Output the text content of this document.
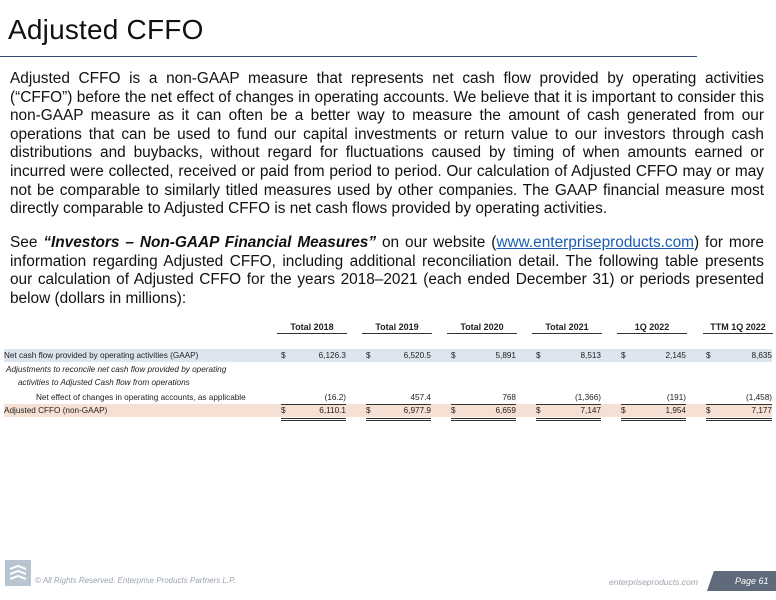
Adjusted CFFO
Adjusted CFFO is a non-GAAP measure that represents net cash flow provided by operating activities (“CFFO”) before the net effect of changes in operating accounts. We believe that it is important to consider this non-GAAP measure as it can often be a better way to measure the amount of cash generated from our operations that can be used to fund our capital investments or return value to our investors through cash distributions and buybacks, without regard for fluctuations caused by timing of when amounts earned or incurred were collected, received or paid from period to period. Our calculation of Adjusted CFFO may or may not be comparable to similarly titled measures used by other companies. The GAAP financial measure most directly comparable to Adjusted CFFO is net cash flows provided by operating activities.
See “Investors – Non-GAAP Financial Measures” on our website (www.enterpriseproducts.com) for more information regarding Adjusted CFFO, including additional reconciliation detail. The following table presents our calculation of Adjusted CFFO for the years 2018–2021 (each ended December 31) or periods presented below (dollars in millions):
Total 2018	Total 2019	Total 2020	Total 2021	1Q 2022	TTM 1Q 2022
Net cash flow provided by operating activities (GAAP)	$	6,126.3 $	6,520.5 $	5,891 $	8,513 $	2,145 $	8,635
Adjustments to reconcile net cash flow provided by operating
activities to Adjusted Cash flow from operations
Net effect of changes in operating accounts, as applicable	(16.2)	457.4	768	(1,366)	(191)	(1,458)
Adjusted CFFO (non-GAAP)	$	6,110.1 $	6,977.9 $	6,659 $	7,147 $	1,954 $	7,177
© All Rights Reserved. Enterprise Products Partners L.P.	enterpriseproducts.com	Page 61
